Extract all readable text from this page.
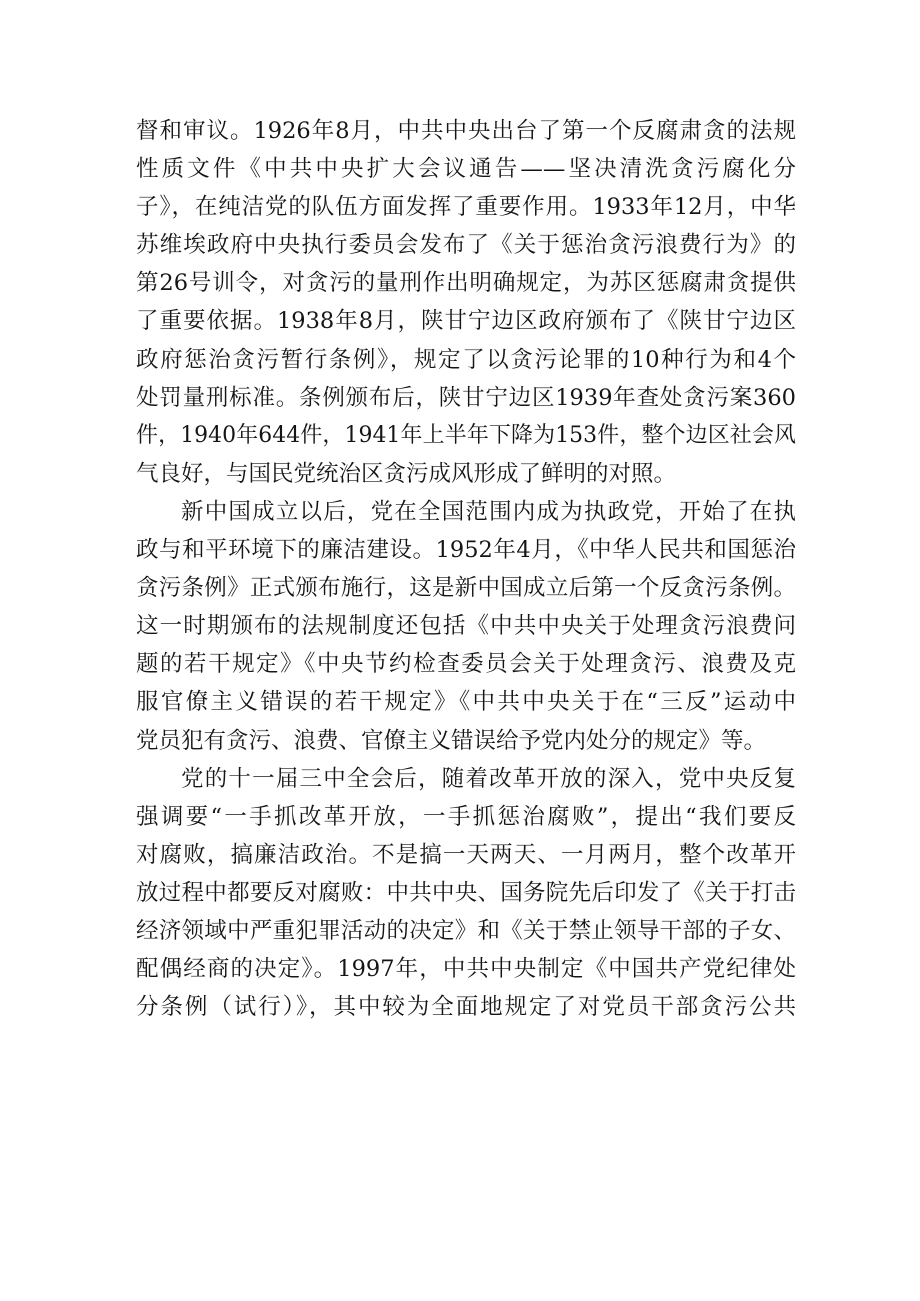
督和审议。1926年8月，中共中央出台了第一个反腐肃贪的法规
性质文件《中共中央扩大会议通告——坚决清洗贪污腐化分
子》，在纯洁党的队伍方面发挥了重要作用。1933年12月，中华
苏维埃政府中央执行委员会发布了《关于惩治贪污浪费行为》的
第26号训令，对贪污的量刑作出明确规定，为苏区惩腐肃贪提供
了重要依据。1938年8月，陕甘宁边区政府颁布了《陕甘宁边区
政府惩治贪污暂行条例》，规定了以贪污论罪的10种行为和4个
处罚量刑标准。条例颁布后，陕甘宁边区1939年查处贪污案360
件，1940年644件，1941年上半年下降为153件，整个边区社会风
气良好，与国民党统治区贪污成风形成了鲜明的对照。
新中国成立以后，党在全国范围内成为执政党，开始了在执
政与和平环境下的廉洁建设。1952年4月，《中华人民共和国惩治
贪污条例》正式颁布施行，这是新中国成立后第一个反贪污条例。
这一时期颁布的法规制度还包括《中共中央关于处理贪污浪费问
题的若干规定》《中央节约检查委员会关于处理贪污、浪费及克
服官僚主义错误的若干规定》《中共中央关于在“三反”运动中
党员犯有贪污、浪费、官僚主义错误给予党内处分的规定》等。
党的十一届三中全会后，随着改革开放的深入，党中央反复
强调要“一手抓改革开放，一手抓惩治腐败”，提出“我们要反
对腐败，搞廉洁政治。不是搞一天两天、一月两月，整个改革开
放过程中都要反对腐败：中共中央、国务院先后印发了《关于打击
经济领域中严重犯罪活动的决定》和《关于禁止领导干部的子女、
配偶经商的决定》。1997年，中共中央制定《中国共产党纪律处
分条例（试行）》，其中较为全面地规定了对党员干部贪污公共
